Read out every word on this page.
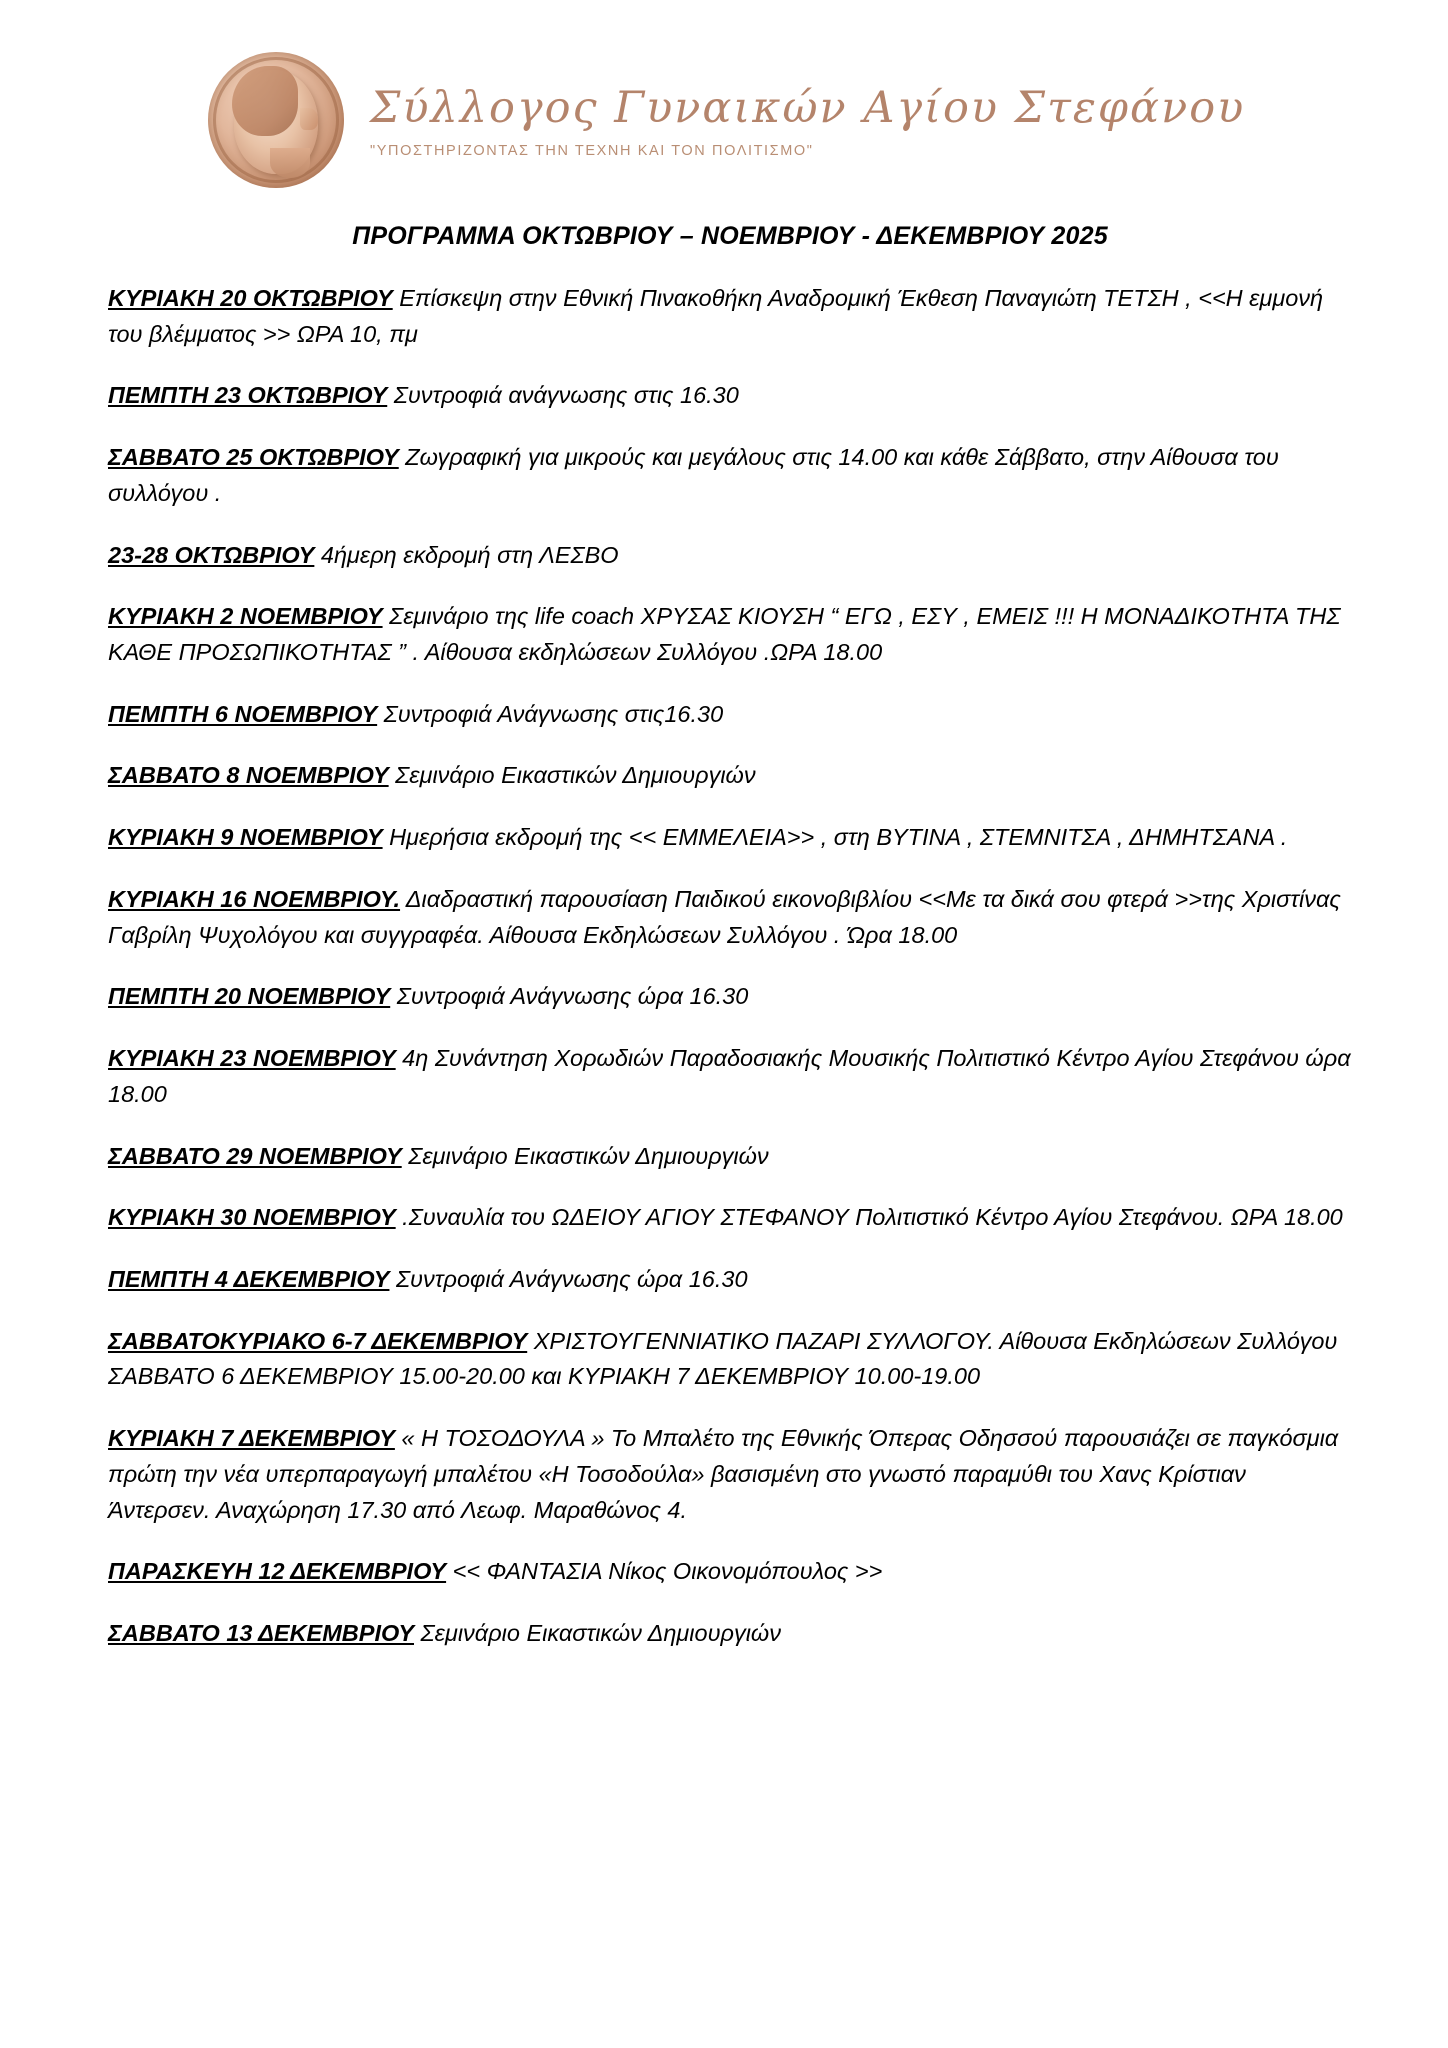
Σύλλογος Γυναικών Αγίου Στεφάνου
"ΥΠΟΣΤΗΡΙΖΟΝΤΑΣ ΤΗΝ ΤΕΧΝΗ ΚΑΙ ΤΟΝ ΠΟΛΙΤΙΣΜΟ"
ΠΡΟΓΡΑΜΜΑ ΟΚΤΩΒΡΙΟΥ – ΝΟΕΜΒΡΙΟΥ - ΔΕΚΕΜΒΡΙΟΥ 2025

ΚΥΡΙΑΚΗ 20 ΟΚΤΩΒΡΙΟΥ Επίσκεψη στην Εθνική Πινακοθήκη Αναδρομική Έκθεση Παναγιώτη ΤΕΤΣΗ , <<Η εμμονή του βλέμματος >> ΩΡΑ 10, πμ

ΠΕΜΠΤΗ 23 ΟΚΤΩΒΡΙΟΥ Συντροφιά ανάγνωσης στις 16.30

ΣΑΒΒΑΤΟ 25 ΟΚΤΩΒΡΙΟΥ Ζωγραφική για μικρούς και μεγάλους στις 14.00 και κάθε Σάββατο, στην Αίθουσα του συλλόγου .

23-28 ΟΚΤΩΒΡΙΟΥ 4ήμερη εκδρομή στη ΛΕΣΒΟ

ΚΥΡΙΑΚΗ 2 ΝΟΕΜΒΡΙΟΥ Σεμινάριο της life coach ΧΡΥΣΑΣ ΚΙΟΥΣΗ “ ΕΓΩ , ΕΣΥ , ΕΜΕΙΣ !!! Η ΜΟΝΑΔΙΚΟΤΗΤΑ ΤΗΣ ΚΑΘΕ ΠΡΟΣΩΠΙΚΟΤΗΤΑΣ ” . Αίθουσα εκδηλώσεων Συλλόγου .ΩΡΑ 18.00

ΠΕΜΠΤΗ 6 ΝΟΕΜΒΡΙΟΥ Συντροφιά Ανάγνωσης στις16.30

ΣΑΒΒΑΤΟ 8 ΝΟΕΜΒΡΙΟΥ Σεμινάριο Εικαστικών Δημιουργιών

ΚΥΡΙΑΚΗ 9 ΝΟΕΜΒΡΙΟΥ Ημερήσια εκδρομή της << ΕΜΜΕΛΕΙΑ>> , στη ΒΥΤΙΝΑ , ΣΤΕΜΝΙΤΣΑ , ΔΗΜΗΤΣΑΝΑ .

ΚΥΡΙΑΚΗ 16 ΝΟΕΜΒΡΙΟΥ. Διαδραστική παρουσίαση Παιδικού εικονοβιβλίου <<Με τα δικά σου φτερά >>της Χριστίνας Γαβρίλη Ψυχολόγου και συγγραφέα. Αίθουσα Εκδηλώσεων Συλλόγου . Ώρα 18.00

ΠΕΜΠΤΗ 20 ΝΟΕΜΒΡΙΟΥ Συντροφιά Ανάγνωσης ώρα 16.30

ΚΥΡΙΑΚΗ 23 ΝΟΕΜΒΡΙΟΥ 4η Συνάντηση Χορωδιών Παραδοσιακής Μουσικής Πολιτιστικό Κέντρο Αγίου Στεφάνου ώρα 18.00

ΣΑΒΒΑΤΟ 29 ΝΟΕΜΒΡΙΟΥ Σεμινάριο Εικαστικών Δημιουργιών

ΚΥΡΙΑΚΗ 30 ΝΟΕΜΒΡΙΟΥ .Συναυλία του ΩΔΕΙΟΥ ΑΓΙΟΥ ΣΤΕΦΑΝΟΥ Πολιτιστικό Κέντρο Αγίου Στεφάνου. ΩΡΑ 18.00

ΠΕΜΠΤΗ 4 ΔΕΚΕΜΒΡΙΟΥ Συντροφιά Ανάγνωσης ώρα 16.30

ΣΑΒΒΑΤΟΚΥΡΙΑΚΟ 6-7 ΔΕΚΕΜΒΡΙΟΥ ΧΡΙΣΤΟΥΓΕΝΝΙΑΤΙΚΟ ΠΑΖΑΡΙ ΣΥΛΛΟΓΟΥ. Αίθουσα Εκδηλώσεων Συλλόγου ΣΑΒΒΑΤΟ 6 ΔΕΚΕΜΒΡΙΟΥ 15.00-20.00 και ΚΥΡΙΑΚΗ 7 ΔΕΚΕΜΒΡΙΟΥ 10.00-19.00

ΚΥΡΙΑΚΗ 7 ΔΕΚΕΜΒΡΙΟΥ « Η ΤΟΣΟΔΟΥΛΑ » Το Μπαλέτο της Εθνικής Όπερας Οδησσού παρουσιάζει σε παγκόσμια πρώτη την νέα υπερπαραγωγή μπαλέτου «Η Τοσοδούλα» βασισμένη στο γνωστό παραμύθι του Χανς Κρίστιαν Άντερσεν. Αναχώρηση 17.30 από Λεωφ. Μαραθώνος 4.

ΠΑΡΑΣΚΕΥΗ 12 ΔΕΚΕΜΒΡΙΟΥ << ΦΑΝΤΑΣΙΑ Νίκος Οικονομόπουλος >>

ΣΑΒΒΑΤΟ 13 ΔΕΚΕΜΒΡΙΟΥ Σεμινάριο Εικαστικών Δημιουργιών
